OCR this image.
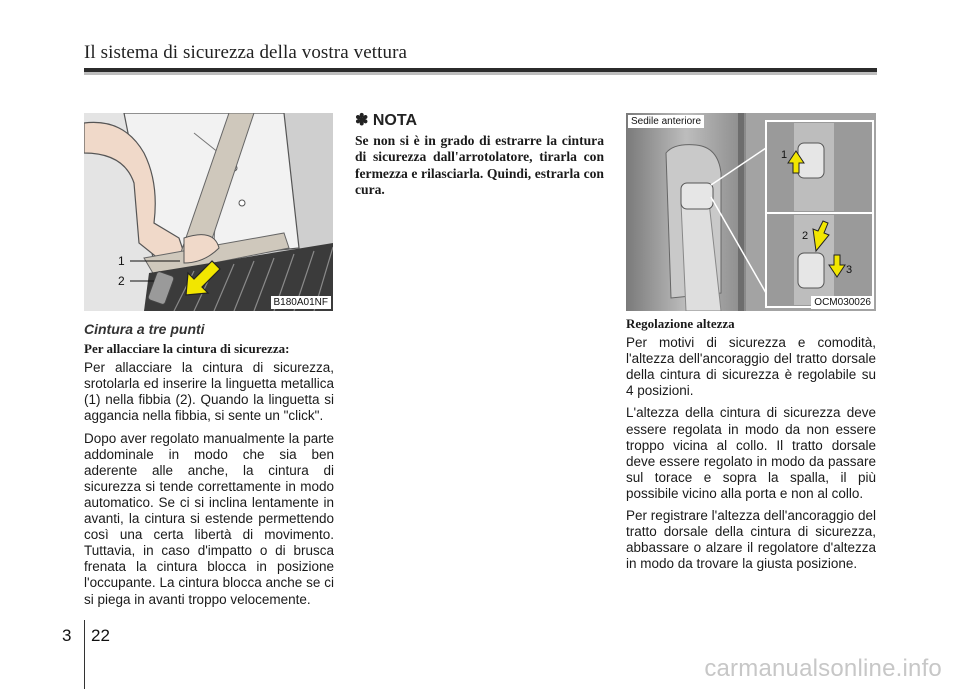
Il sistema di sicurezza della vostra vettura
1
2
B180A01NF
Cintura a tre punti

Per allacciare la cintura di sicurezza:

Per allacciare la cintura di sicurezza, srotolarla ed inserire la linguetta metallica (1) nella fibbia (2). Quando la linguetta si aggancia nella fibbia, si sente un "click".

Dopo aver regolato manualmente la parte addominale in modo che sia ben aderente alle anche, la cintura di sicurezza si tende correttamente in modo automatico. Se ci si inclina lentamente in avanti, la cintura si estende permettendo così una certa libertà di movimento. Tuttavia, in caso d'impatto o di brusca frenata la cintura blocca in posizione l'occupante. La cintura blocca anche se ci si piega in avanti troppo velocemente.

✽ NOTA
Se non si è in grado di estrarre la cintura di sicurezza dall'arrotolatore, tirarla con fermezza e rilasciarla. Quindi, estrarla con cura.
1
2
3
Sedile anteriore
OCM030026

Regolazione altezza

Per motivi di sicurezza e comodità, l'altezza dell'ancoraggio del tratto dorsale della cintura di sicurezza è regolabile su 4 posizioni.

L'altezza della cintura di sicurezza deve essere regolata in modo da non essere troppo vicina al collo. Il tratto dorsale deve essere regolato in modo da passare sul torace e sopra la spalla, il più possibile vicino alla porta e non al collo.

Per registrare l'altezza dell'ancoraggio del tratto dorsale della cintura di sicurezza, abbassare o alzare il regolatore d'altezza in modo da trovare la giusta posizione.

3 22
carmanualsonline.info
